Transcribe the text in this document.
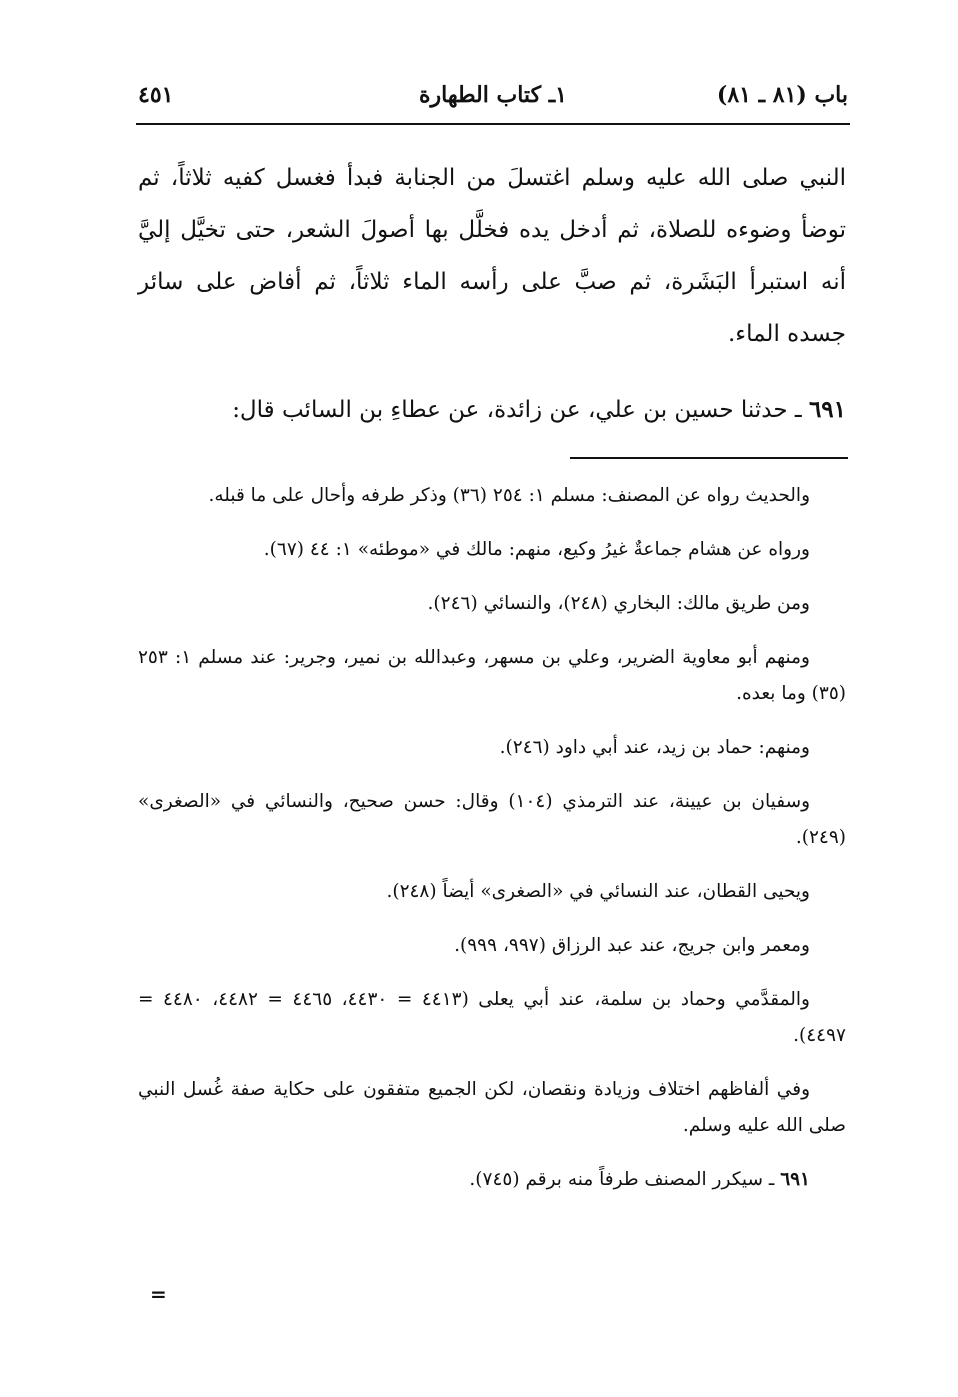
باب (٨١ ـ ٨١)
١ـ كتاب الطهارة
٤٥١

النبي صلى الله عليه وسلم اغتسلَ من الجنابة فبدأ فغسل كفيه ثلاثاً، ثم توضأ وضوءه للصلاة، ثم أدخل يده فخلَّل بها أصولَ الشعر، حتى تخيَّل إليَّ أنه استبرأ البَشَرة، ثم صبَّ على رأسه الماء ثلاثاً، ثم أفاض على سائر جسده الماء.

٦٩١ ـ حدثنا حسين بن علي، عن زائدة، عن عطاءِ بن السائب قال:

والحديث رواه عن المصنف: مسلم ١: ٢٥٤ (٣٦) وذكر طرفه وأحال على ما قبله.

ورواه عن هشام جماعةٌ غيرُ وكيع، منهم: مالك في «موطئه» ١: ٤٤ (٦٧).

ومن طريق مالك: البخاري (٢٤٨)، والنسائي (٢٤٦).

ومنهم أبو معاوية الضرير، وعلي بن مسهر، وعبدالله بن نمير، وجرير: عند مسلم ١: ٢٥٣ (٣٥) وما بعده.

ومنهم: حماد بن زيد، عند أبي داود (٢٤٦).

وسفيان بن عيينة، عند الترمذي (١٠٤) وقال: حسن صحيح، والنسائي في «الصغرى» (٢٤٩).

ويحيى القطان، عند النسائي في «الصغرى» أيضاً (٢٤٨).

ومعمر وابن جريج، عند عبد الرزاق (٩٩٧، ٩٩٩).

والمقدَّمي وحماد بن سلمة، عند أبي يعلى (٤٤١٣ = ٤٤٣٠، ٤٤٦٥ = ٤٤٨٢، ٤٤٨٠ = ٤٤٩٧).

وفي ألفاظهم اختلاف وزيادة ونقصان، لكن الجميع متفقون على حكاية صفة غُسل النبي صلى الله عليه وسلم.

٦٩١ ـ سيكرر المصنف طرفاً منه برقم (٧٤٥).

=
